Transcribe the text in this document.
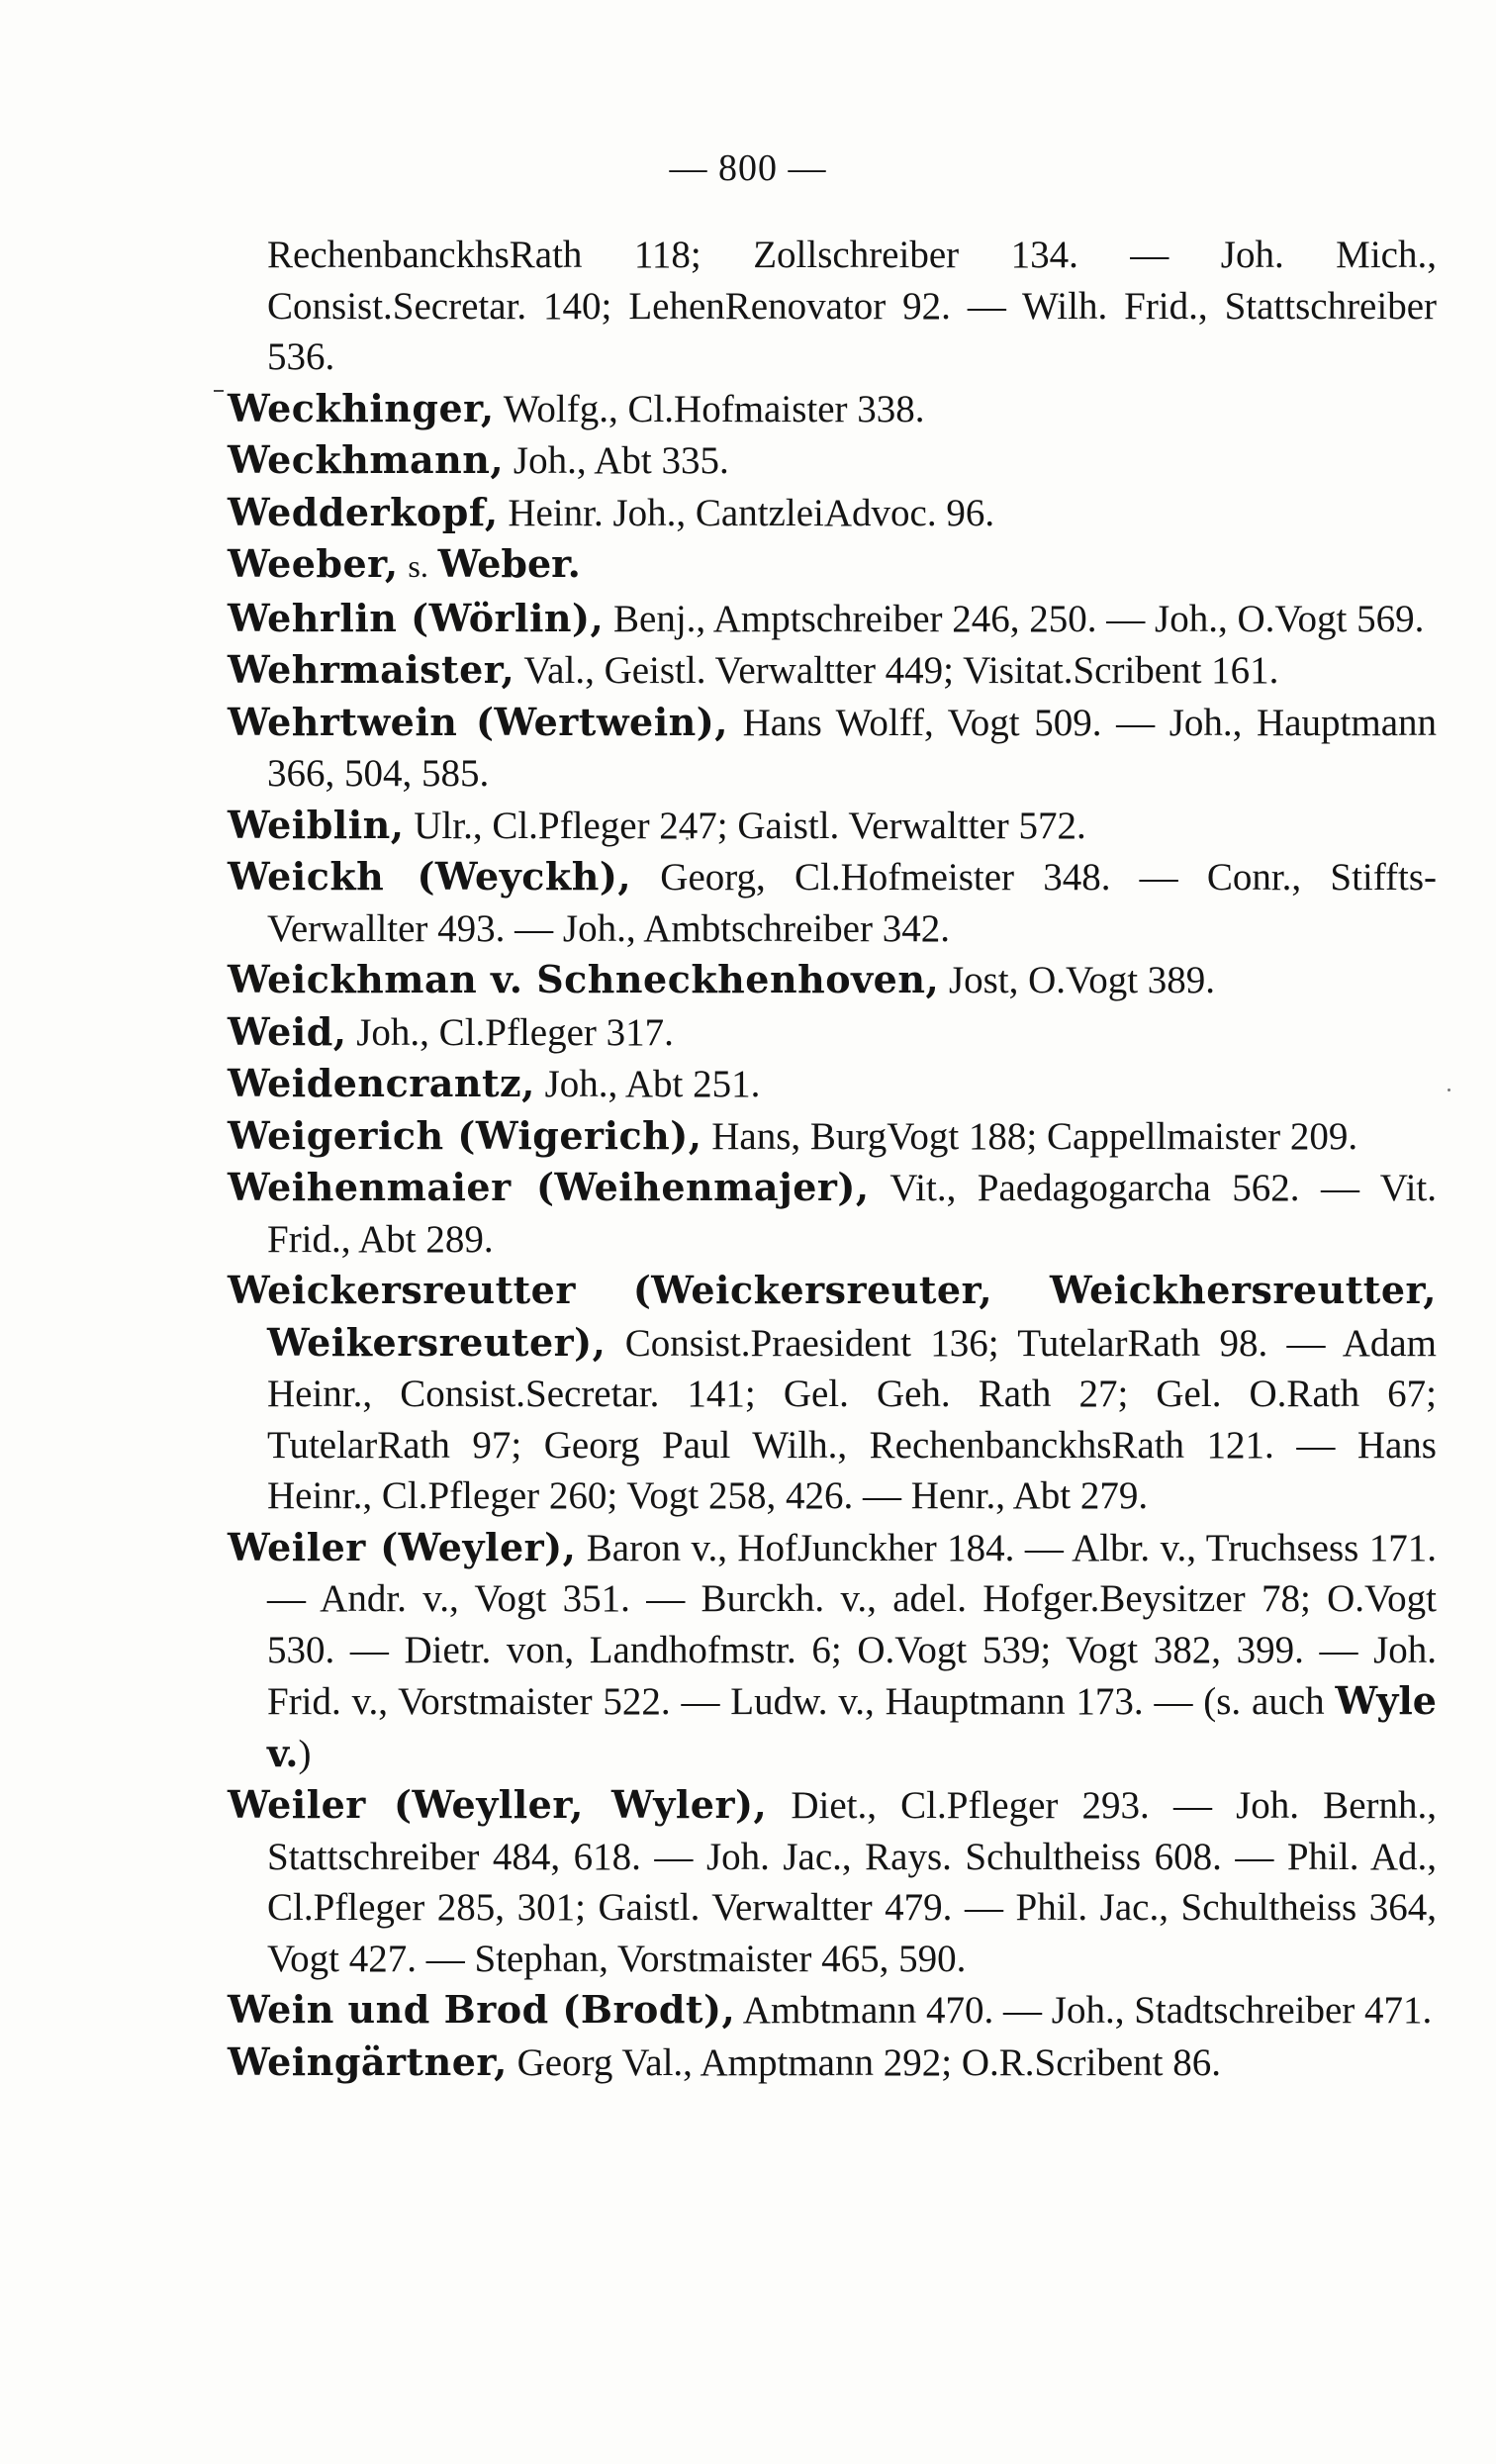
— 800 —

RechenbanckhsRath 118; Zollschreiber 134. — Joh. Mich., Consist.Secretar. 140; LehenRenovator 92. — Wilh. Frid., Stattschreiber 536.

Weckhinger, Wolfg., Cl.Hofmaister 338.

Weckhmann, Joh., Abt 335.

Wedderkopf, Heinr. Joh., CantzleiAdvoc. 96.

Weeber, s. Weber.

Wehrlin (Wörlin), Benj., Amptschreiber 246, 250. — Joh., O.Vogt 569.

Wehrmaister, Val., Geistl. Verwaltter 449; Visitat.Scribent 161.

Wehrtwein (Wertwein), Hans Wolff, Vogt 509. — Joh., Hauptmann 366, 504, 585.

Weiblin, Ulr., Cl.Pfleger 247; Gaistl. Verwaltter 572.

Weickh (Weyckh), Georg, Cl.Hofmeister 348. — Conr., Stiffts-Verwallter 493. — Joh., Ambtschreiber 342.

Weickhman v. Schneckhenhoven, Jost, O.Vogt 389.

Weid, Joh., Cl.Pfleger 317.

Weidencrantz, Joh., Abt 251.

Weigerich (Wigerich), Hans, BurgVogt 188; Cappellmaister 209.

Weihenmaier (Weihenmajer), Vit., Paedagogarcha 562. — Vit. Frid., Abt 289.

Weickersreutter (Weickersreuter, Weickhersreutter, Weikersreuter), Consist.Praesident 136; TutelarRath 98. — Adam Heinr., Consist.Secretar. 141; Gel. Geh. Rath 27; Gel. O.Rath 67; TutelarRath 97; Georg Paul Wilh., RechenbanckhsRath 121. — Hans Heinr., Cl.Pfleger 260; Vogt 258, 426. — Henr., Abt 279.

Weiler (Weyler), Baron v., HofJunckher 184. — Albr. v., Truchsess 171. — Andr. v., Vogt 351. — Burckh. v., adel. Hofger.Beysitzer 78; O.Vogt 530. — Dietr. von, Landhofmstr. 6; O.Vogt 539; Vogt 382, 399. — Joh. Frid. v., Vorstmaister 522. — Ludw. v., Hauptmann 173. — (s. auch Wyle v.)

Weiler (Weyller, Wyler), Diet., Cl.Pfleger 293. — Joh. Bernh., Stattschreiber 484, 618. — Joh. Jac., Rays. Schultheiss 608. — Phil. Ad., Cl.Pfleger 285, 301; Gaistl. Verwaltter 479. — Phil. Jac., Schultheiss 364, Vogt 427. — Stephan, Vorstmaister 465, 590.

Wein und Brod (Brodt), Ambtmann 470. — Joh., Stadtschreiber 471.

Weingärtner, Georg Val., Amptmann 292; O.R.Scribent 86.
